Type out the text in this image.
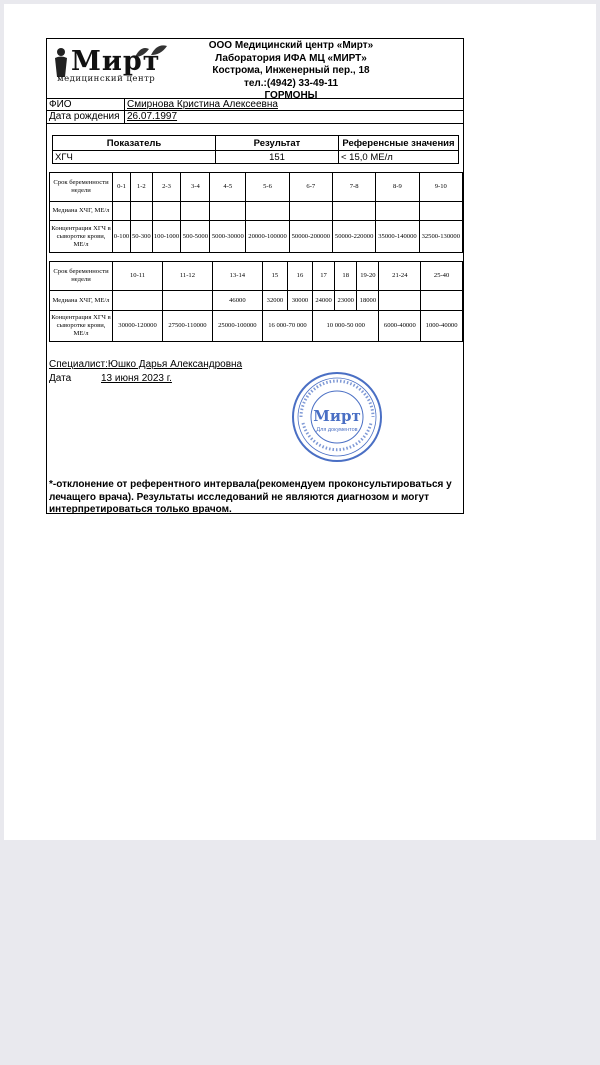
Мирт
медицинский центр
ООО Медицинский центр «Мирт»
Лаборатория ИФА МЦ «МИРТ»
Кострома, Инженерный пер., 18
тел.:(4942) 33-49-11
ГОРМОНЫ
ФИО	Смирнова Кристина Алексеевна
Дата рождения 26.07.1997
Показатель	Результат	Референсные значения
ХГЧ	151	< 15,0 МЕ/л
Срок беременности недели	0-1	1-2	2-3	3-4	4-5	5-6	6-7	7-8	8-9	9-10
Медиана ХЧГ, МЕ/л										
Концентрация ХГЧ в сыворотке крови, МЕ/л	0-100	50-300	100-1000	500-5000	5000-30000	20000-100000	50000-200000	50000-220000	35000-140000	32500-130000
Срок беременности недели	10-11	11-12	13-14	15	16	17	18	19-20	21-24	25-40
Медиана ХЧГ, МЕ/л			46000	32000	30000	24000	23000	18000		
Концентрация ХГЧ в сыворотке крови, МЕ/л	30000-120000	27500-110000	25000-100000	16 000-70 000		10 000-50 000			6000-40000	1000-40000
Специалист:Юшко Дарья Александровна
Дата	13 июня 2023 г.
Мирт
Для документов
*-отклонение от референтного интервала(рекомендуем проконсультироваться у лечащего врача). Результаты исследований не являются диагнозом и могут интерпретироваться только врачом.
